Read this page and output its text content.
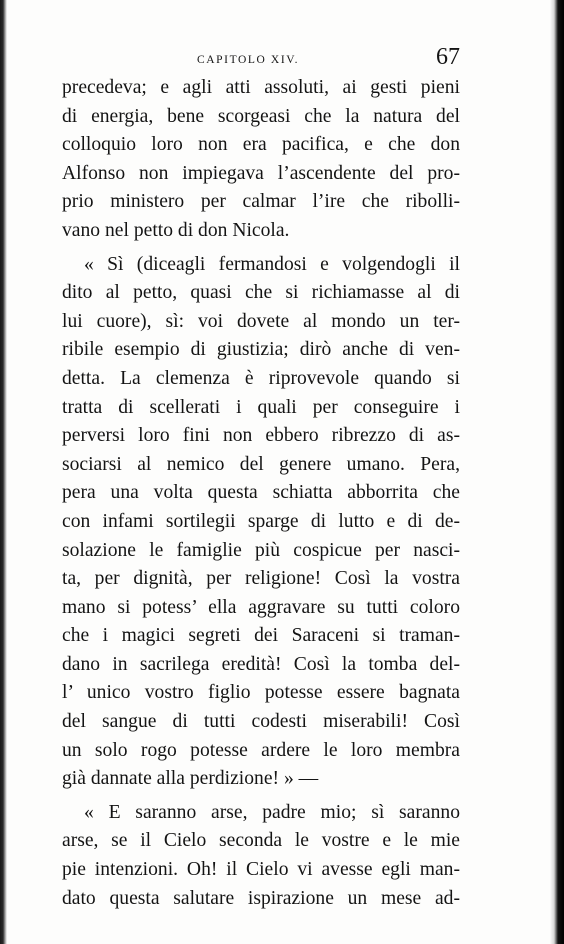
CAPITOLO XIV.	67
precedeva; e agli atti assoluti, ai gesti pieni
di energia, bene scorgeasi che la natura del
colloquio loro non era pacifica, e che don
Alfonso non impiegava l’ascendente del pro-
prio ministero per calmar l’ire che ribolli-
vano nel petto di don Nicola.
« Sì (diceagli fermandosi e volgendogli il
dito al petto, quasi che si richiamasse al di
lui cuore), sì: voi dovete al mondo un ter-
ribile esempio di giustizia; dirò anche di ven-
detta. La clemenza è riprovevole quando si
tratta di scellerati i quali per conseguire i
perversi loro fini non ebbero ribrezzo di as-
sociarsi al nemico del genere umano. Pera,
pera una volta questa schiatta abborrita che
con infami sortilegii sparge di lutto e di de-
solazione le famiglie più cospicue per nasci-
ta, per dignità, per religione! Così la vostra
mano si potess’ ella aggravare su tutti coloro
che i magici segreti dei Saraceni si traman-
dano in sacrilega eredità! Così la tomba del-
l’ unico vostro figlio potesse essere bagnata
del sangue di tutti codesti miserabili! Così
un solo rogo potesse ardere le loro membra
già dannate alla perdizione! » —
« E saranno arse, padre mio; sì saranno
arse, se il Cielo seconda le vostre e le mie
pie intenzioni. Oh! il Cielo vi avesse egli man-
dato questa salutare ispirazione un mese ad-
